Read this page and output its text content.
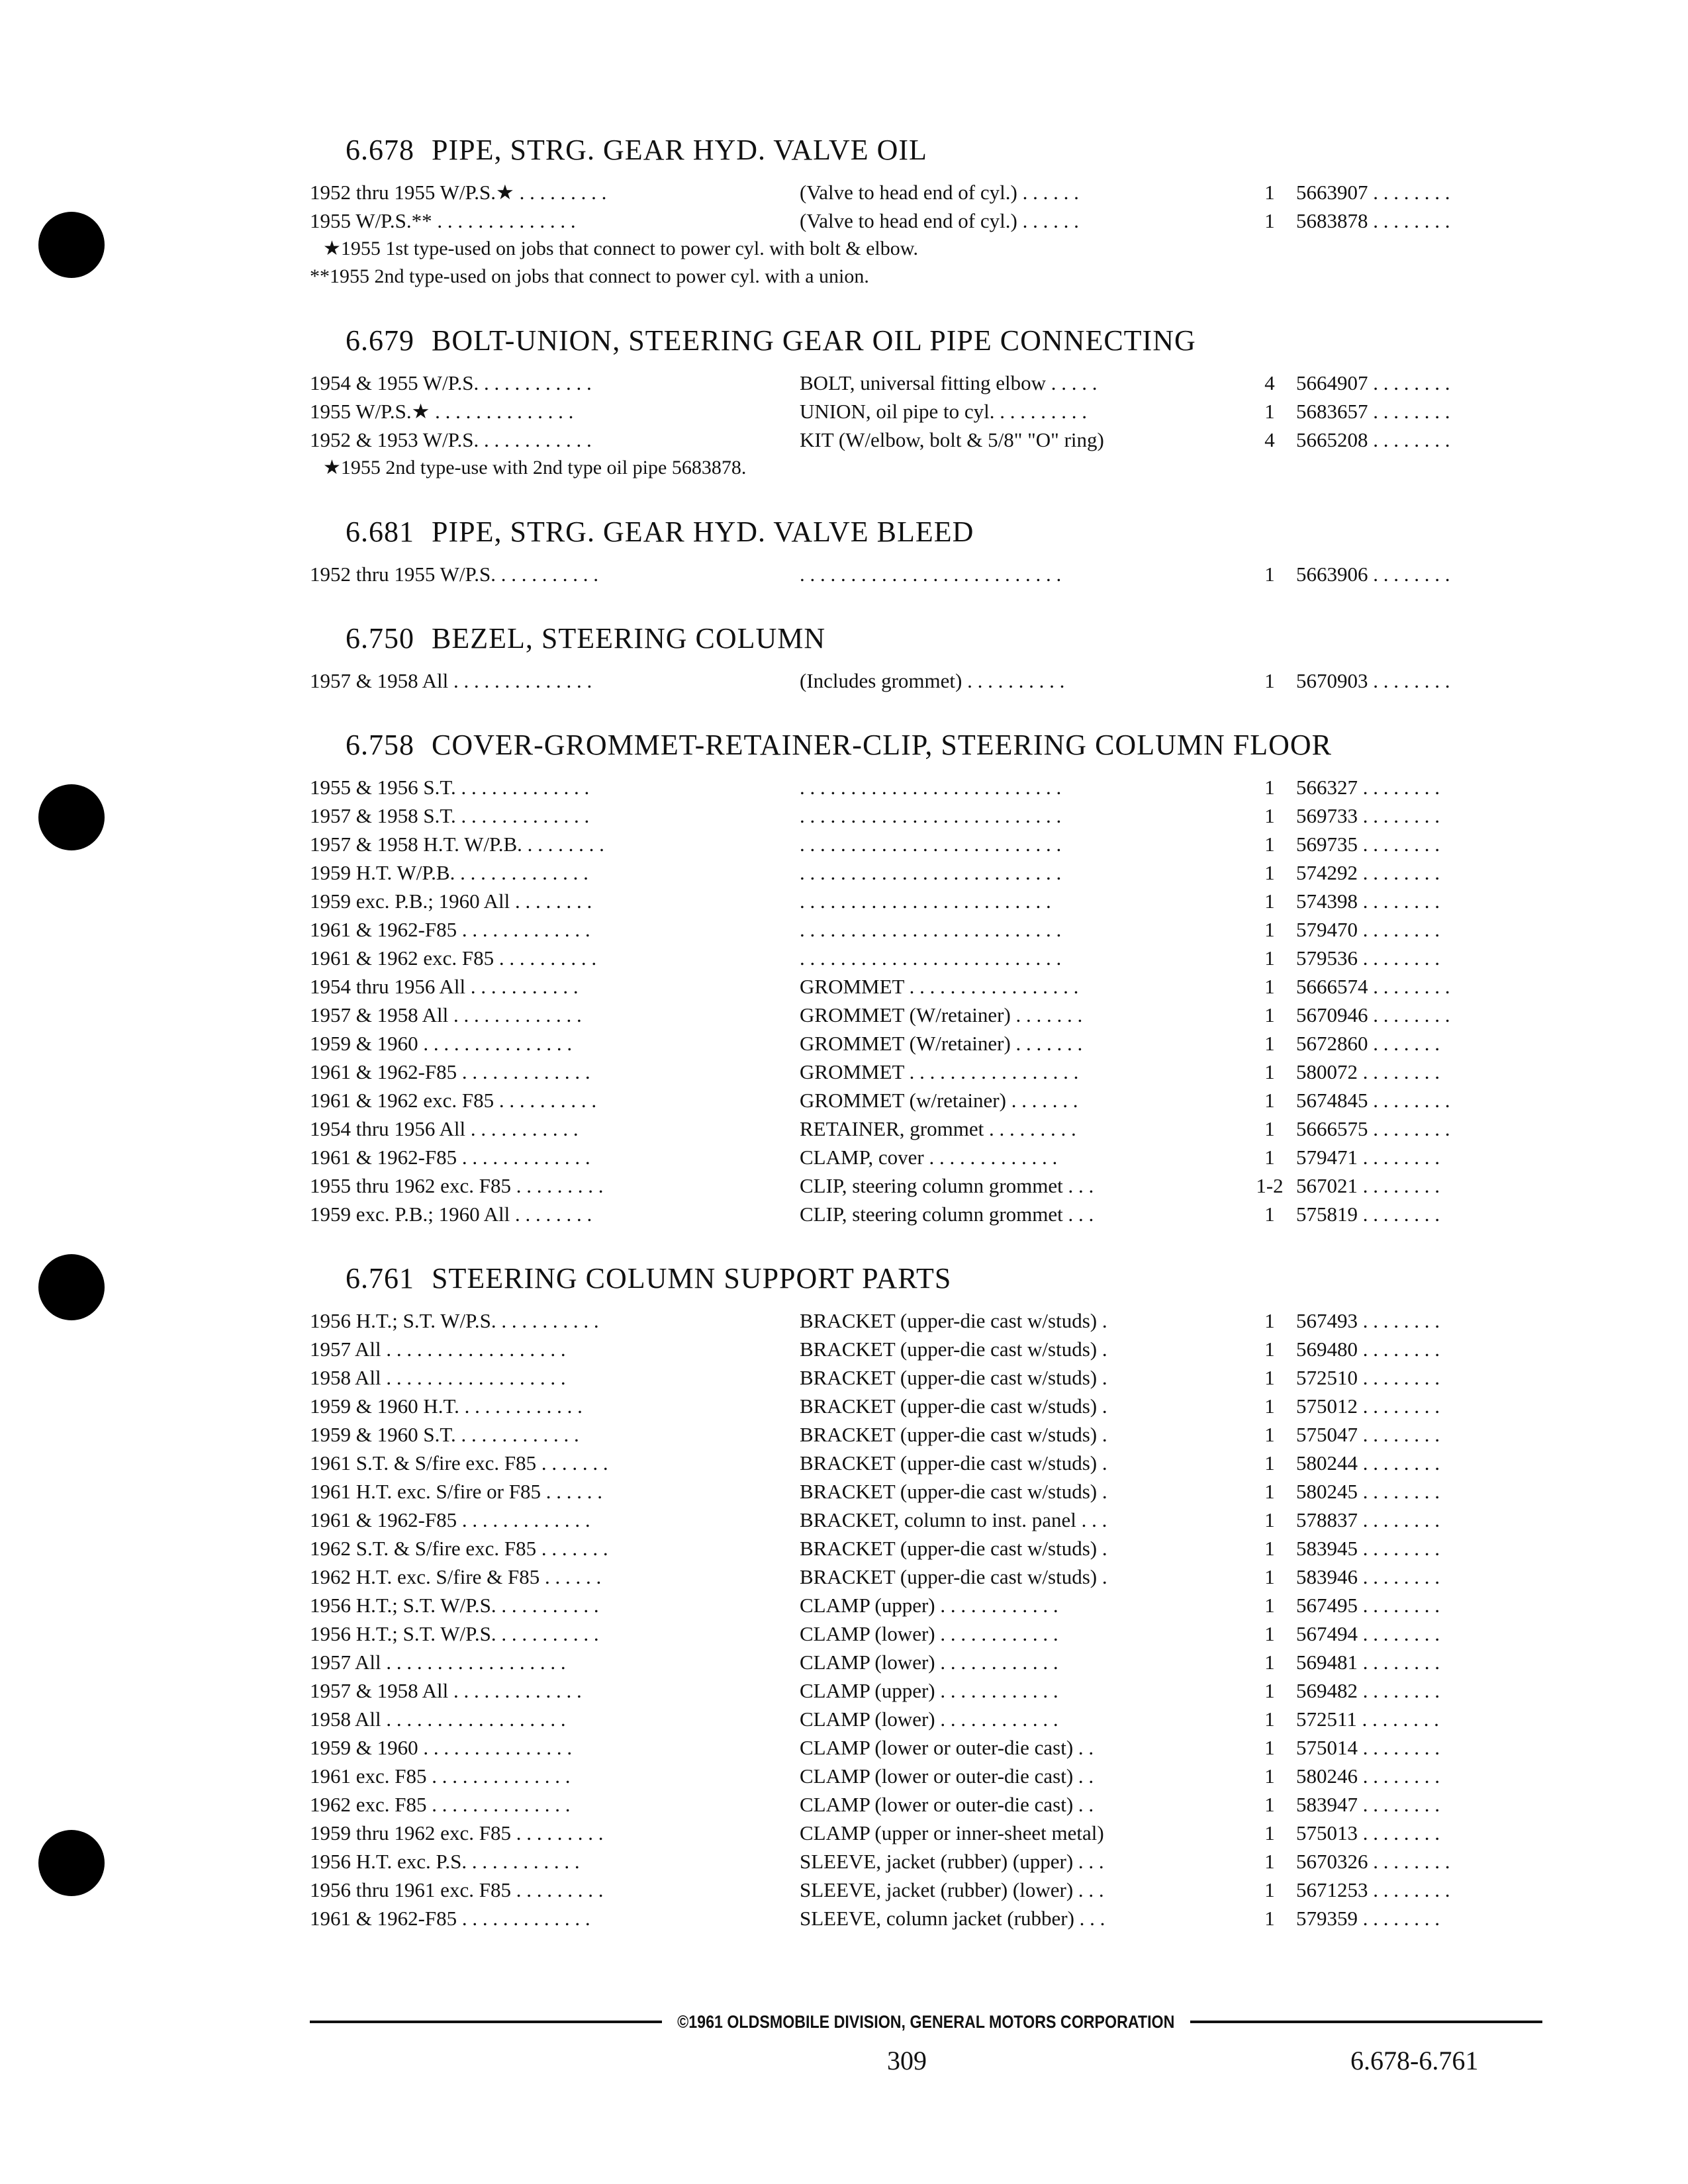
6.678 PIPE, STRG. GEAR HYD. VALVE OIL
1952 thru 1955 W/P.S.★ . . . . . . . . .	(Valve to head end of cyl.) . . . . . .	1	5663907 . . . . . . . .
1955 W/P.S.** . . . . . . . . . . . . . .	(Valve to head end of cyl.) . . . . . .	1	5683878 . . . . . . . .
★1955 1st type-used on jobs that connect to power cyl. with bolt & elbow.
**1955 2nd type-used on jobs that connect to power cyl. with a union.
6.679 BOLT-UNION, STEERING GEAR OIL PIPE CONNECTING
1954 & 1955 W/P.S. . . . . . . . . . . .	BOLT, universal fitting elbow . . . . .	4	5664907 . . . . . . . .
1955 W/P.S.★ . . . . . . . . . . . . . .	UNION, oil pipe to cyl. . . . . . . . . .	1	5683657 . . . . . . . .
1952 & 1953 W/P.S. . . . . . . . . . . .	KIT (W/elbow, bolt & 5/8" "O" ring)	4	5665208 . . . . . . . .
★1955 2nd type-use with 2nd type oil pipe 5683878.
6.681 PIPE, STRG. GEAR HYD. VALVE BLEED
1952 thru 1955 W/P.S. . . . . . . . . . .	. . . . . . . . . . . . . . . . . . . . . . . . . .	1	5663906 . . . . . . . .
6.750 BEZEL, STEERING COLUMN
1957 & 1958 All . . . . . . . . . . . . . .	(Includes grommet) . . . . . . . . . .	1	5670903 . . . . . . . .
6.758 COVER-GROMMET-RETAINER-CLIP, STEERING COLUMN FLOOR
1955 & 1956 S.T. . . . . . . . . . . . . .	. . . . . . . . . . . . . . . . . . . . . . . . . .	1	566327 . . . . . . . .
1957 & 1958 S.T. . . . . . . . . . . . . .	. . . . . . . . . . . . . . . . . . . . . . . . . .	1	569733 . . . . . . . .
1957 & 1958 H.T. W/P.B. . . . . . . . .	. . . . . . . . . . . . . . . . . . . . . . . . . .	1	569735 . . . . . . . .
1959 H.T. W/P.B. . . . . . . . . . . . . .	. . . . . . . . . . . . . . . . . . . . . . . . . .	1	574292 . . . . . . . .
1959 exc. P.B.; 1960 All . . . . . . . .	. . . . . . . . . . . . . . . . . . . . . . . . .	1	574398 . . . . . . . .
1961 & 1962-F85 . . . . . . . . . . . . .	. . . . . . . . . . . . . . . . . . . . . . . . . .	1	579470 . . . . . . . .
1961 & 1962 exc. F85 . . . . . . . . . .	. . . . . . . . . . . . . . . . . . . . . . . . . .	1	579536 . . . . . . . .
1954 thru 1956 All . . . . . . . . . . .	GROMMET . . . . . . . . . . . . . . . . .	1	5666574 . . . . . . . .
1957 & 1958 All . . . . . . . . . . . . .	GROMMET (W/retainer) . . . . . . .	1	5670946 . . . . . . . .
1959 & 1960 . . . . . . . . . . . . . . .	GROMMET (W/retainer) . . . . . . .	1	5672860 . . . . . . .
1961 & 1962-F85 . . . . . . . . . . . . .	GROMMET . . . . . . . . . . . . . . . . .	1	580072 . . . . . . . .
1961 & 1962 exc. F85 . . . . . . . . . .	GROMMET (w/retainer) . . . . . . .	1	5674845 . . . . . . . .
1954 thru 1956 All . . . . . . . . . . .	RETAINER, grommet . . . . . . . . .	1	5666575 . . . . . . . .
1961 & 1962-F85 . . . . . . . . . . . . .	CLAMP, cover . . . . . . . . . . . . .	1	579471 . . . . . . . .
1955 thru 1962 exc. F85 . . . . . . . . .	CLIP, steering column grommet . . .	1-2 567021 . . . . . . . .
1959 exc. P.B.; 1960 All . . . . . . . .	CLIP, steering column grommet . . .	1	575819 . . . . . . . .
6.761 STEERING COLUMN SUPPORT PARTS
1956 H.T.; S.T. W/P.S. . . . . . . . . . .	BRACKET (upper-die cast w/studs) .	1	567493 . . . . . . . .
1957 All . . . . . . . . . . . . . . . . . .	BRACKET (upper-die cast w/studs) .	1	569480 . . . . . . . .
1958 All . . . . . . . . . . . . . . . . . .	BRACKET (upper-die cast w/studs) .	1	572510 . . . . . . . .
1959 & 1960 H.T. . . . . . . . . . . . .	BRACKET (upper-die cast w/studs) .	1	575012 . . . . . . . .
1959 & 1960 S.T. . . . . . . . . . . . .	BRACKET (upper-die cast w/studs) .	1	575047 . . . . . . . .
1961 S.T. & S/fire exc. F85 . . . . . . .	BRACKET (upper-die cast w/studs) .	1	580244 . . . . . . . .
1961 H.T. exc. S/fire or F85 . . . . . .	BRACKET (upper-die cast w/studs) .	1	580245 . . . . . . . .
1961 & 1962-F85 . . . . . . . . . . . . .	BRACKET, column to inst. panel . . .	1	578837 . . . . . . . .
1962 S.T. & S/fire exc. F85 . . . . . . .	BRACKET (upper-die cast w/studs) .	1	583945 . . . . . . . .
1962 H.T. exc. S/fire & F85 . . . . . .	BRACKET (upper-die cast w/studs) .	1	583946 . . . . . . . .
1956 H.T.; S.T. W/P.S. . . . . . . . . . .	CLAMP (upper) . . . . . . . . . . . .	1	567495 . . . . . . . .
1956 H.T.; S.T. W/P.S. . . . . . . . . . .	CLAMP (lower) . . . . . . . . . . . .	1	567494 . . . . . . . .
1957 All . . . . . . . . . . . . . . . . . .	CLAMP (lower) . . . . . . . . . . . .	1	569481 . . . . . . . .
1957 & 1958 All . . . . . . . . . . . . .	CLAMP (upper) . . . . . . . . . . . .	1	569482 . . . . . . . .
1958 All . . . . . . . . . . . . . . . . . .	CLAMP (lower) . . . . . . . . . . . .	1	572511 . . . . . . . .
1959 & 1960 . . . . . . . . . . . . . . .	CLAMP (lower or outer-die cast) . .	1	575014 . . . . . . . .
1961 exc. F85 . . . . . . . . . . . . . .	CLAMP (lower or outer-die cast) . .	1	580246 . . . . . . . .
1962 exc. F85 . . . . . . . . . . . . . .	CLAMP (lower or outer-die cast) . .	1	583947 . . . . . . . .
1959 thru 1962 exc. F85 . . . . . . . . .	CLAMP (upper or inner-sheet metal)	1	575013 . . . . . . . .
1956 H.T. exc. P.S. . . . . . . . . . . .	SLEEVE, jacket (rubber) (upper) . . .	1	5670326 . . . . . . . .
1956 thru 1961 exc. F85 . . . . . . . . .	SLEEVE, jacket (rubber) (lower) . . .	1	5671253 . . . . . . . .
1961 & 1962-F85 . . . . . . . . . . . . .	SLEEVE, column jacket (rubber) . . .	1	579359 . . . . . . . .
©1961 OLDSMOBILE DIVISION, GENERAL MOTORS CORPORATION
309	6.678-6.761
